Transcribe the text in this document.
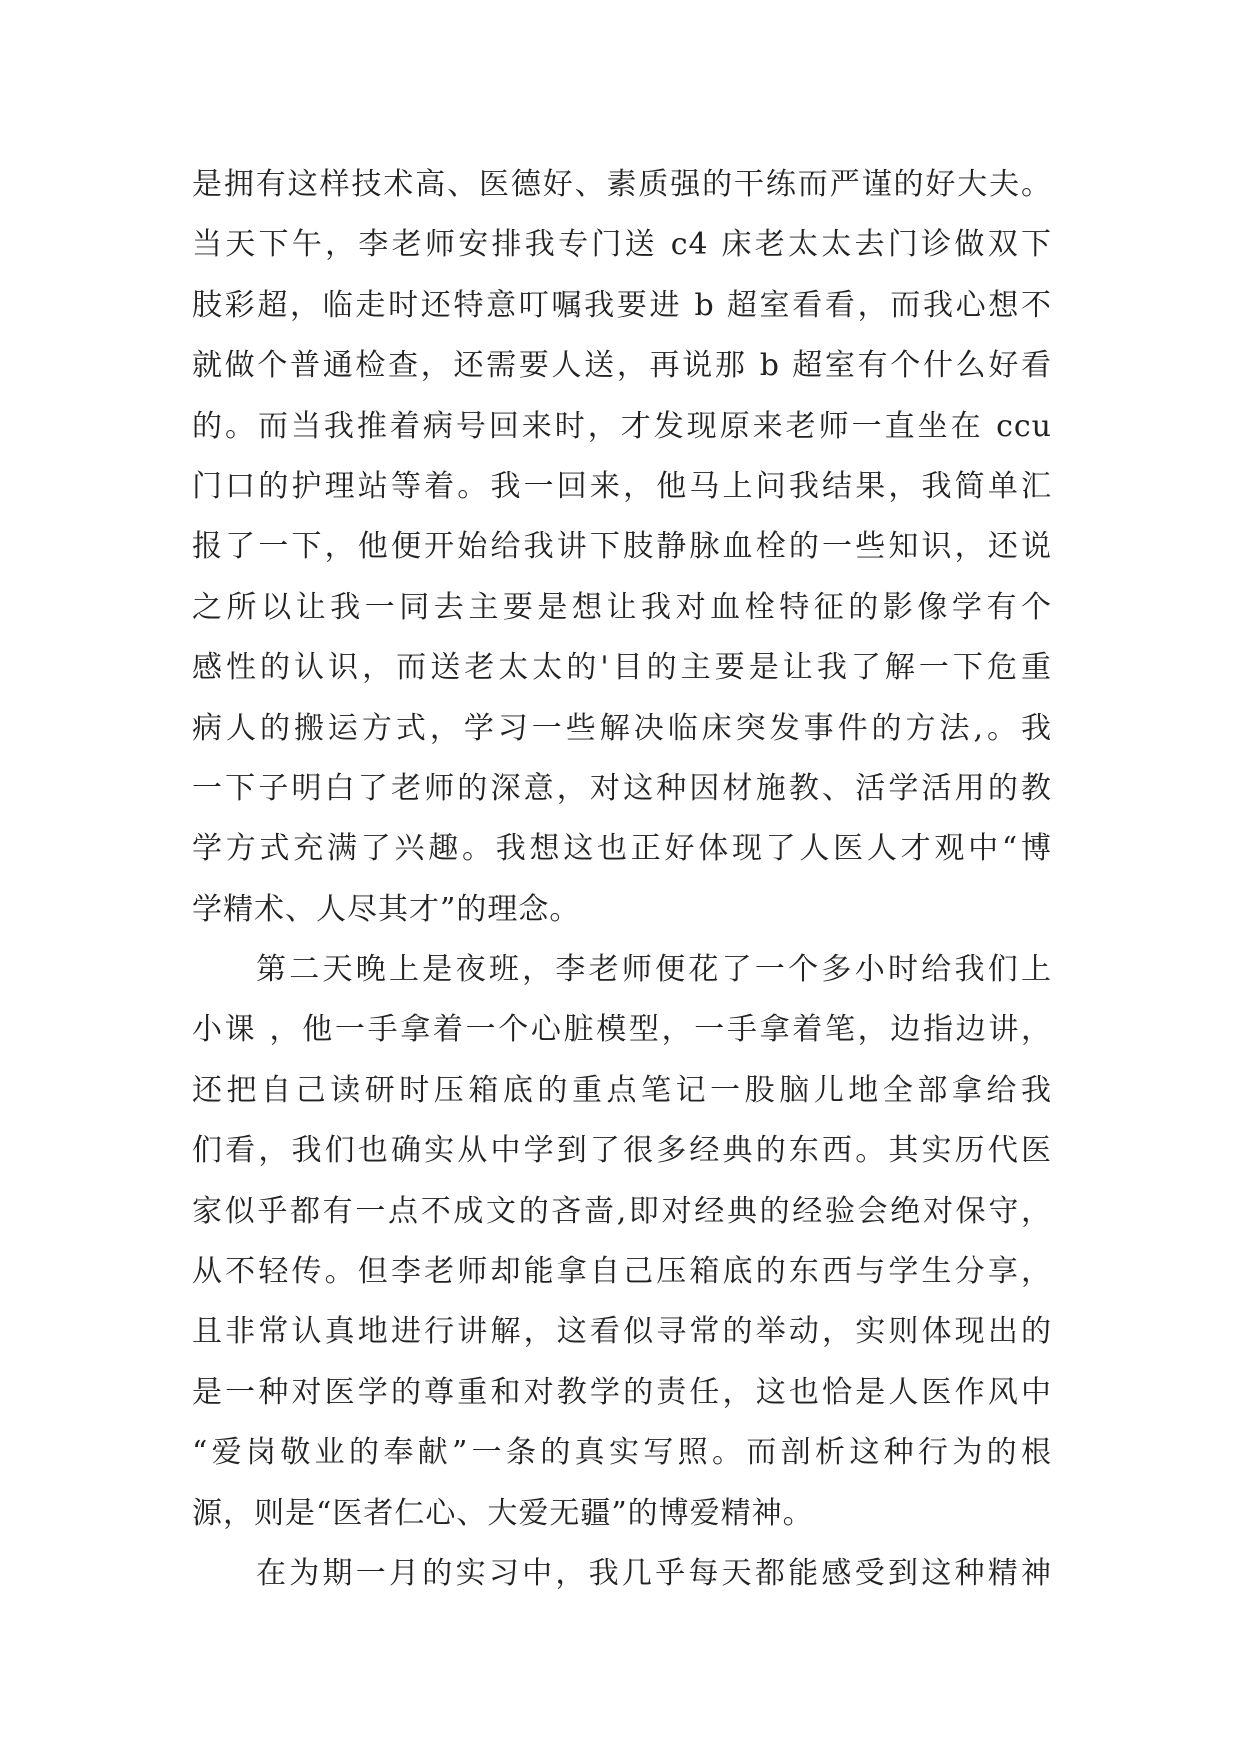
是拥有这样技术高、医德好、素质强的干练而严谨的好大夫。
当天下午，李老师安排我专门送 c4 床老太太去门诊做双下
肢彩超，临走时还特意叮嘱我要进 b 超室看看，而我心想不
就做个普通检查，还需要人送，再说那 b 超室有个什么好看
的。而当我推着病号回来时，才发现原来老师一直坐在 ccu
门口的护理站等着。我一回来，他马上问我结果，我简单汇
报了一下，他便开始给我讲下肢静脉血栓的一些知识，还说
之所以让我一同去主要是想让我对血栓特征的影像学有个
感性的认识，而送老太太的'目的主要是让我了解一下危重
病人的搬运方式，学习一些解决临床突发事件的方法,。我
一下子明白了老师的深意，对这种因材施教、活学活用的教
学方式充满了兴趣。我想这也正好体现了人医人才观中“博
学精术、人尽其才”的理念。
第二天晚上是夜班，李老师便花了一个多小时给我们上
小课 ，他一手拿着一个心脏模型，一手拿着笔，边指边讲，
还把自己读研时压箱底的重点笔记一股脑儿地全部拿给我
们看，我们也确实从中学到了很多经典的东西。其实历代医
家似乎都有一点不成文的吝啬,即对经典的经验会绝对保守，
从不轻传。但李老师却能拿自己压箱底的东西与学生分享，
且非常认真地进行讲解，这看似寻常的举动，实则体现出的
是一种对医学的尊重和对教学的责任，这也恰是人医作风中
“爱岗敬业的奉献”一条的真实写照。而剖析这种行为的根
源，则是“医者仁心、大爱无疆”的博爱精神。
在为期一月的实习中，我几乎每天都能感受到这种精神
